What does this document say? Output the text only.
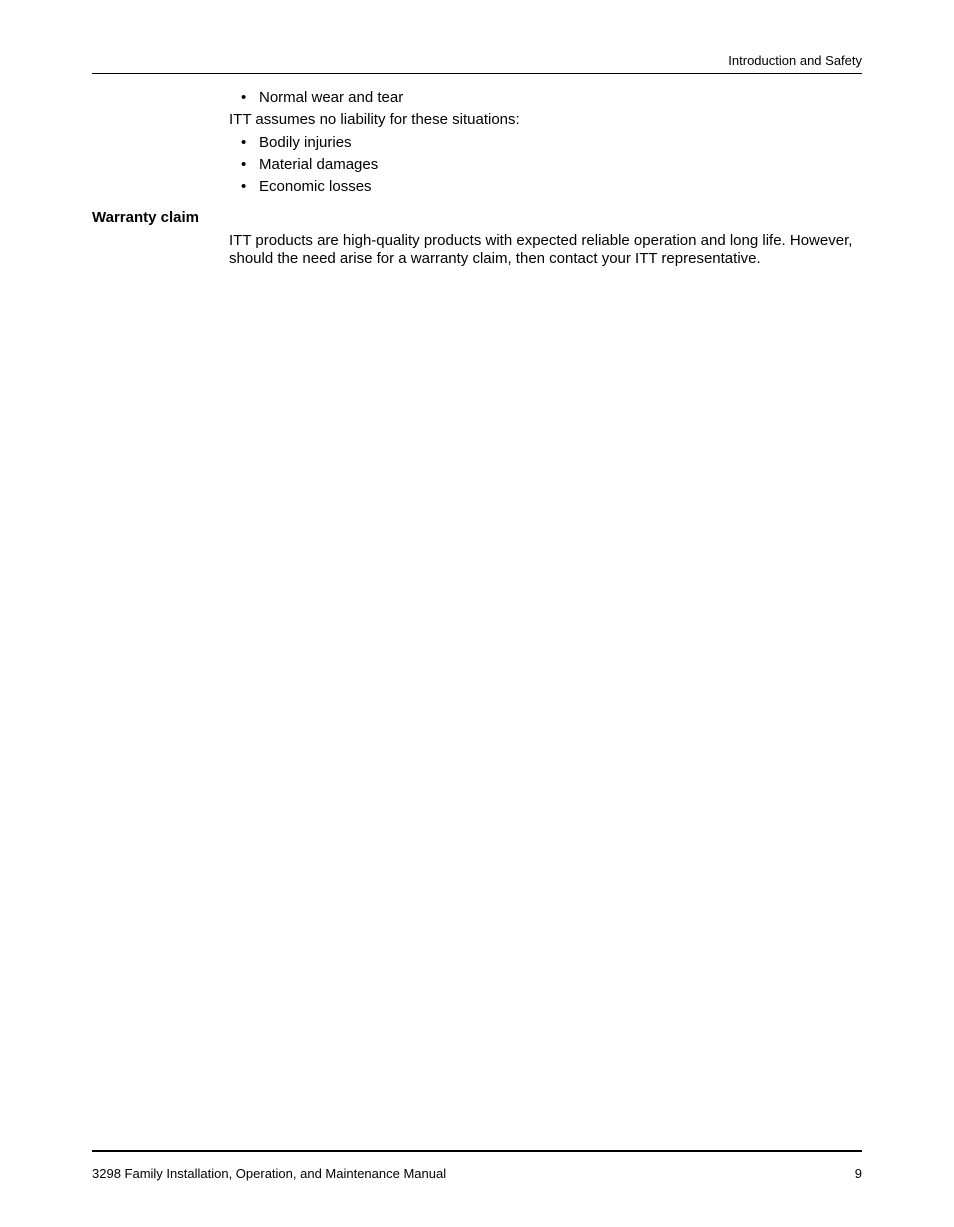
Introduction and Safety
• Normal wear and tear
ITT assumes no liability for these situations:
• Bodily injuries
• Material damages
• Economic losses
Warranty claim
ITT products are high-quality products with expected reliable operation and long life. However, should the need arise for a warranty claim, then contact your ITT representative.
3298 Family Installation, Operation, and Maintenance Manual	9
